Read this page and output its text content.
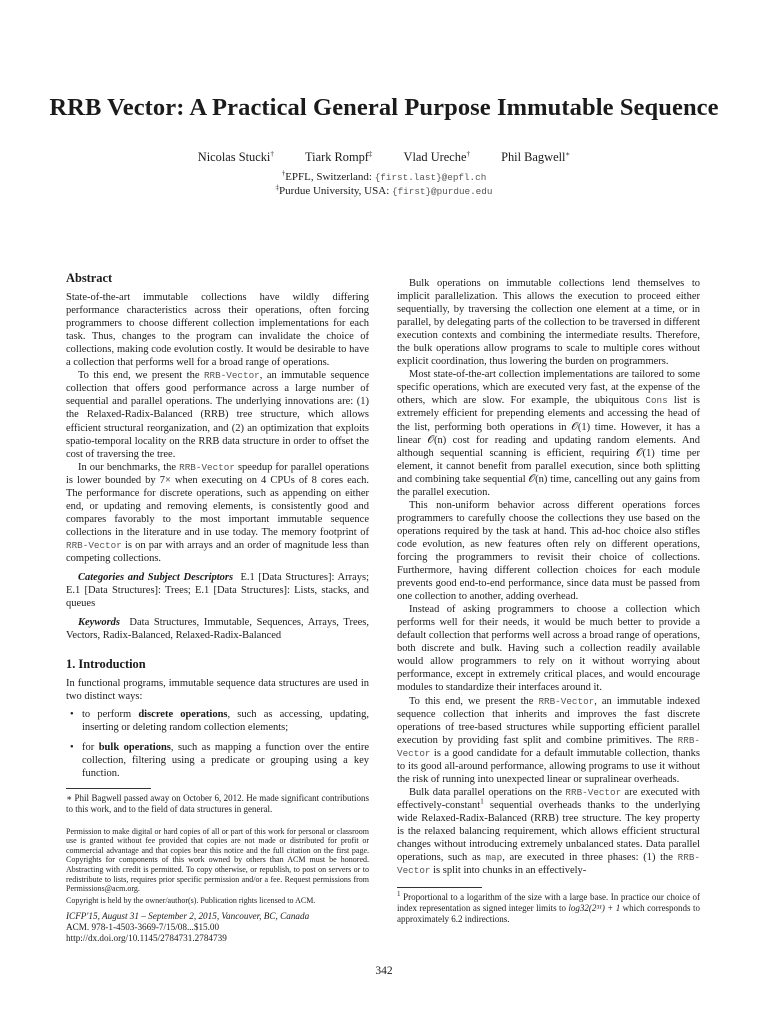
RRB Vector: A Practical General Purpose Immutable Sequence
Nicolas Stucki†	Tiark Rompf‡	Vlad Ureche†	Phil Bagwell∗
†EPFL, Switzerland: {first.last}@epfl.ch
‡Purdue University, USA: {first}@purdue.edu
Abstract

State-of-the-art immutable collections have wildly differing performance characteristics across their operations, often forcing programmers to choose different collection implementations for each task. Thus, changes to the program can invalidate the choice of collections, making code evolution costly. It would be desirable to have a collection that performs well for a broad range of operations.

To this end, we present the RRB-Vector, an immutable sequence collection that offers good performance across a large number of sequential and parallel operations. The underlying innovations are: (1) the Relaxed-Radix-Balanced (RRB) tree structure, which allows efficient structural reorganization, and (2) an optimization that exploits spatio-temporal locality on the RRB data structure in order to offset the cost of traversing the tree.

In our benchmarks, the RRB-Vector speedup for parallel operations is lower bounded by 7× when executing on 4 CPUs of 8 cores each. The performance for discrete operations, such as appending on either end, or updating and removing elements, is consistently good and compares favorably to the most important immutable sequence collections in the literature and in use today. The memory footprint of RRB-Vector is on par with arrays and an order of magnitude less than competing collections.

Categories and Subject Descriptors E.1 [Data Structures]: Arrays; E.1 [Data Structures]: Trees; E.1 [Data Structures]: Lists, stacks, and queues

Keywords Data Structures, Immutable, Sequences, Arrays, Trees, Vectors, Radix-Balanced, Relaxed-Radix-Balanced

1. Introduction

In functional programs, immutable sequence data structures are used in two distinct ways:

• to perform discrete operations, such as accessing, updating, inserting or deleting random collection elements;
• for bulk operations, such as mapping a function over the entire collection, filtering using a predicate or grouping using a key function.

∗ Phil Bagwell passed away on October 6, 2012. He made significant contributions to this work, and to the field of data structures in general.

Permission to make digital or hard copies of all or part of this work for personal or classroom use is granted without fee provided that copies are not made or distributed for profit or commercial advantage and that copies bear this notice and the full citation on the first page. Copyrights for components of this work owned by others than ACM must be honored. Abstracting with credit is permitted. To copy otherwise, or republish, to post on servers or to redistribute to lists, requires prior specific permission and/or a fee. Request permissions from Permissions@acm.org.

Copyright is held by the owner/author(s). Publication rights licensed to ACM.

ICFP'15, August 31 – September 2, 2015, Vancouver, BC, Canada
ACM. 978-1-4503-3669-7/15/08...$15.00
http://dx.doi.org/10.1145/2784731.2784739

Bulk operations on immutable collections lend themselves to implicit parallelization. This allows the execution to proceed either sequentially, by traversing the collection one element at a time, or in parallel, by delegating parts of the collection to be traversed in different execution contexts and combining the intermediate results. Therefore, the bulk operations allow programs to scale to multiple cores without explicit coordination, thus lowering the burden on programmers.

Most state-of-the-art collection implementations are tailored to some specific operations, which are executed very fast, at the expense of the others, which are slow. For example, the ubiquitous Cons list is extremely efficient for prepending elements and accessing the head of the list, performing both operations in 𝒪(1) time. However, it has a linear 𝒪(n) cost for reading and updating random elements. And although sequential scanning is efficient, requiring 𝒪(1) time per element, it cannot benefit from parallel execution, since both splitting and combining take sequential 𝒪(n) time, cancelling out any gains from the parallel execution.

This non-uniform behavior across different operations forces programmers to carefully choose the collections they use based on the operations required by the task at hand. This ad-hoc choice also stifles code evolution, as new features often rely on different operations, forcing the programmers to revisit their choice of collections. Furthermore, having different collection choices for each module prevents good end-to-end performance, since data must be passed from one collection to another, adding overhead.

Instead of asking programmers to choose a collection which performs well for their needs, it would be much better to provide a default collection that performs well across a broad range of operations, both discrete and bulk. Having such a collection readily available would allow programmers to rely on it without worrying about performance, except in extremely critical places, and would encourage modules to standardize their interfaces around it.

To this end, we present the RRB-Vector, an immutable indexed sequence collection that inherits and improves the fast discrete operations of tree-based structures while supporting efficient parallel execution by providing fast split and combine primitives. The RRB-Vector is a good candidate for a default immutable collection, thanks to its good all-around performance, allowing programs to use it without the risk of running into unexpected linear or supralinear overheads.

Bulk data parallel operations on the RRB-Vector are executed with effectively-constant$^1$ sequential overheads thanks to the underlying wide Relaxed-Radix-Balanced (RRB) tree structure. The key property is the relaxed balancing requirement, which allows efficient structural changes without introducing extremely unbalanced states. Data parallel operations, such as map, are executed in three phases: (1) the RRB-Vector is split into chunks in an effectively-

$^1$ Proportional to a logarithm of the size with a large base. In practice our choice of index representation as signed integer limits to log32(2³¹) + 1 which corresponds to approximately 6.2 indirections.

342
